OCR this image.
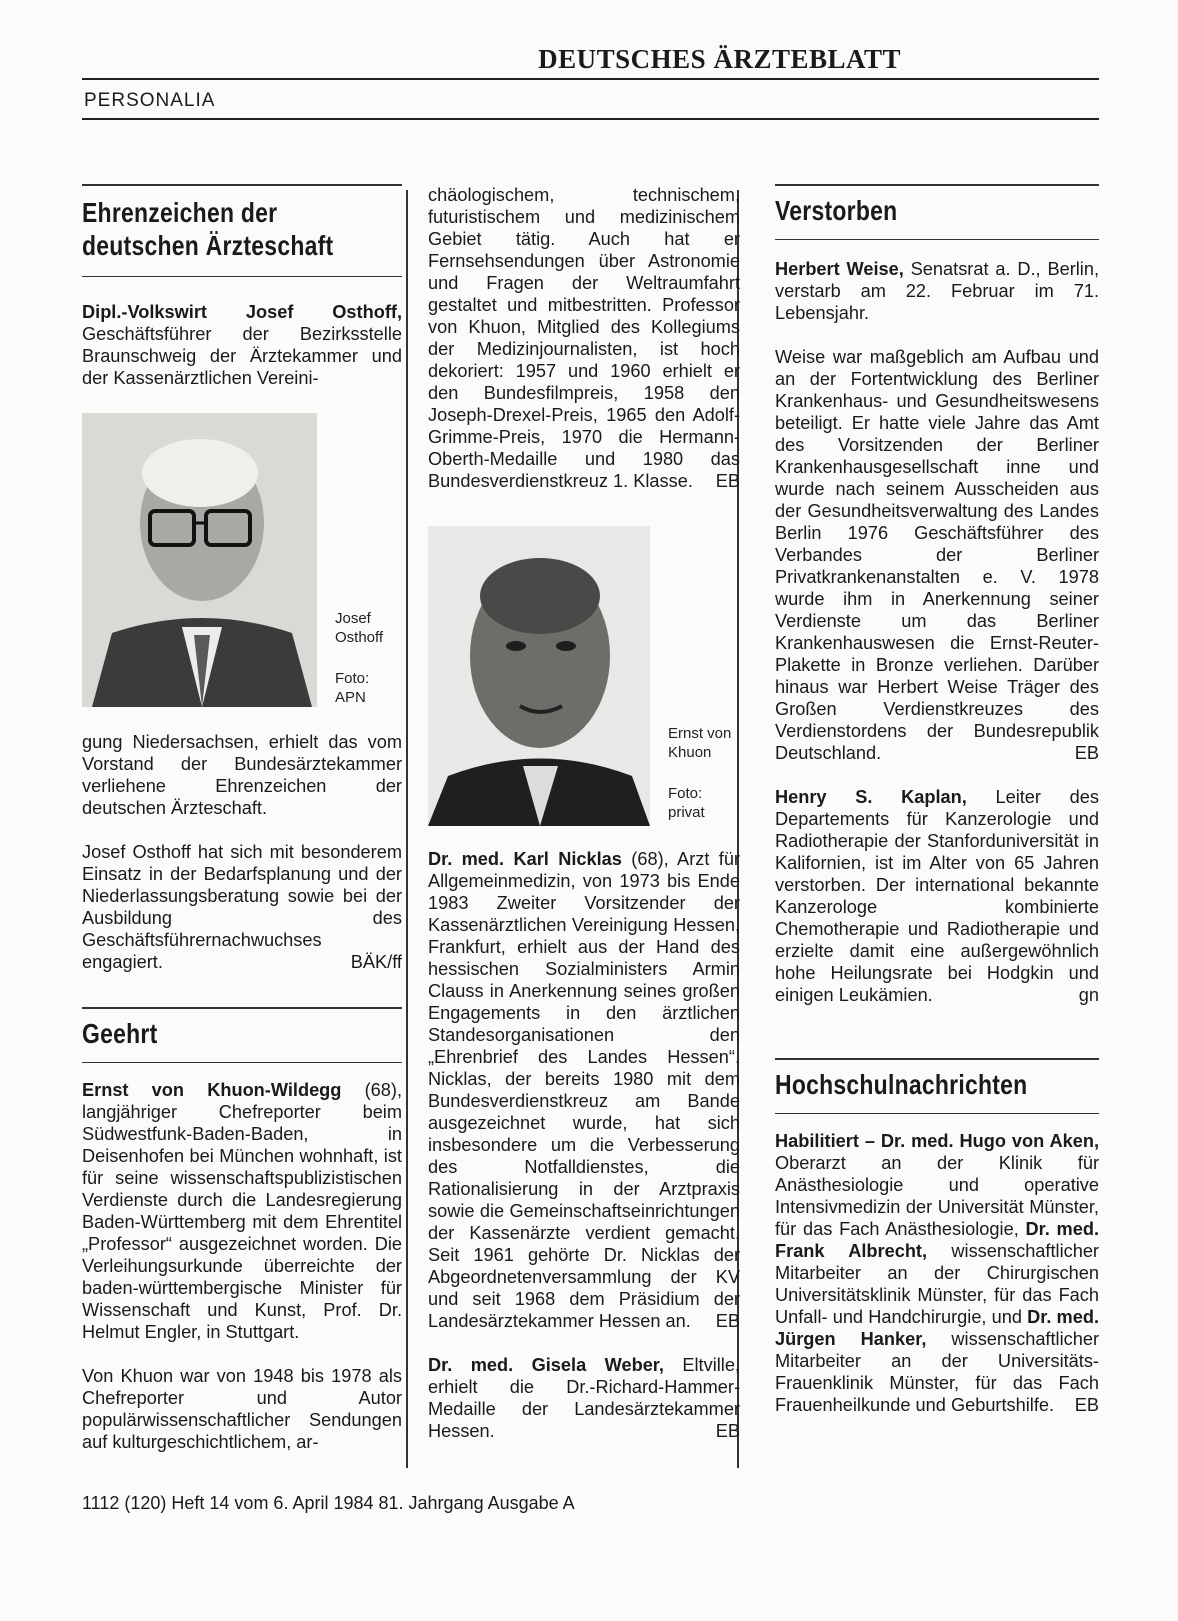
DEUTSCHES ÄRZTEBLATT
PERSONALIA
Ehrenzeichen der
deutschen Ärzteschaft

Dipl.-Volkswirt Josef Osthoff, Geschäftsführer der Bezirksstelle Braunschweig der Ärztekammer und der Kassenärztlichen Vereini-

Josef
Osthoff
Foto:
APN

gung Niedersachsen, erhielt das vom Vorstand der Bundesärztekammer verliehene Ehrenzeichen der deutschen Ärzteschaft.

Josef Osthoff hat sich mit besonderem Einsatz in der Bedarfsplanung und der Niederlassungsberatung sowie bei der Ausbildung des Geschäftsführernachwuchses engagiert.	BÄK/ff

Geehrt

Ernst von Khuon-Wildegg (68), langjähriger Chefreporter beim Südwestfunk-Baden-Baden, in Deisenhofen bei München wohnhaft, ist für seine wissenschaftspublizistischen Verdienste durch die Landesregierung Baden-Württemberg mit dem Ehrentitel „Professor“ ausgezeichnet worden. Die Verleihungsurkunde überreichte der baden-württembergische Minister für Wissenschaft und Kunst, Prof. Dr. Helmut Engler, in Stuttgart.

Von Khuon war von 1948 bis 1978 als Chefreporter und Autor populärwissenschaftlicher Sendungen auf kulturgeschichtlichem, ar-

chäologischem, technischem, futuristischem und medizinischem Gebiet tätig. Auch hat er Fernsehsendungen über Astronomie und Fragen der Weltraumfahrt gestaltet und mitbestritten. Professor von Khuon, Mitglied des Kollegiums der Medizinjournalisten, ist hoch dekoriert: 1957 und 1960 erhielt er den Bundesfilmpreis, 1958 den Joseph-Drexel-Preis, 1965 den Adolf-Grimme-Preis, 1970 die Hermann-Oberth-Medaille und 1980 das Bundesverdienstkreuz 1. Klasse. EB

Ernst von
Khuon
Foto:
privat

Dr. med. Karl Nicklas (68), Arzt für Allgemeinmedizin, von 1973 bis Ende 1983 Zweiter Vorsitzender der Kassenärztlichen Vereinigung Hessen, Frankfurt, erhielt aus der Hand des hessischen Sozialministers Armin Clauss in Anerkennung seines großen Engagements in den ärztlichen Standesorganisationen den „Ehrenbrief des Landes Hessen“. Nicklas, der bereits 1980 mit dem Bundesverdienstkreuz am Bande ausgezeichnet wurde, hat sich insbesondere um die Verbesserung des Notfalldienstes, die Rationalisierung in der Arztpraxis sowie die Gemeinschaftseinrichtungen der Kassenärzte verdient gemacht. Seit 1961 gehörte Dr. Nicklas der Abgeordnetenversammlung der KV und seit 1968 dem Präsidium der Landesärztekammer Hessen an. EB

Dr. med. Gisela Weber, Eltville, erhielt die Dr.-Richard-Hammer-Medaille der Landesärztekammer Hessen.	EB

Verstorben

Herbert Weise, Senatsrat a. D., Berlin, verstarb am 22. Februar im 71. Lebensjahr.

Weise war maßgeblich am Aufbau und an der Fortentwicklung des Berliner Krankenhaus- und Gesundheitswesens beteiligt. Er hatte viele Jahre das Amt des Vorsitzenden der Berliner Krankenhausgesellschaft inne und wurde nach seinem Ausscheiden aus der Gesundheitsverwaltung des Landes Berlin 1976 Geschäftsführer des Verbandes der Berliner Privatkrankenanstalten e. V. 1978 wurde ihm in Anerkennung seiner Verdienste um das Berliner Krankenhauswesen die Ernst-Reuter-Plakette in Bronze verliehen. Darüber hinaus war Herbert Weise Träger des Großen Verdienstkreuzes des Verdienstordens der Bundesrepublik Deutschland.	EB

Henry S. Kaplan, Leiter des Departements für Kanzerologie und Radiotherapie der Stanforduniversität in Kalifornien, ist im Alter von 65 Jahren verstorben. Der international bekannte Kanzerologe kombinierte Chemotherapie und Radiotherapie und erzielte damit eine außergewöhnlich hohe Heilungsrate bei Hodgkin und einigen Leukämien.	gn

Hochschulnachrichten

Habilitiert – Dr. med. Hugo von Aken, Oberarzt an der Klinik für Anästhesiologie und operative Intensivmedizin der Universität Münster, für das Fach Anästhesiologie, Dr. med. Frank Albrecht, wissenschaftlicher Mitarbeiter an der Chirurgischen Universitätsklinik Münster, für das Fach Unfall- und Handchirurgie, und Dr. med. Jürgen Hanker, wissenschaftlicher Mitarbeiter an der Universitäts-Frauenklinik Münster, für das Fach Frauenheilkunde und Geburtshilfe. EB

1112 (120) Heft 14 vom 6. April 1984 81. Jahrgang Ausgabe A
